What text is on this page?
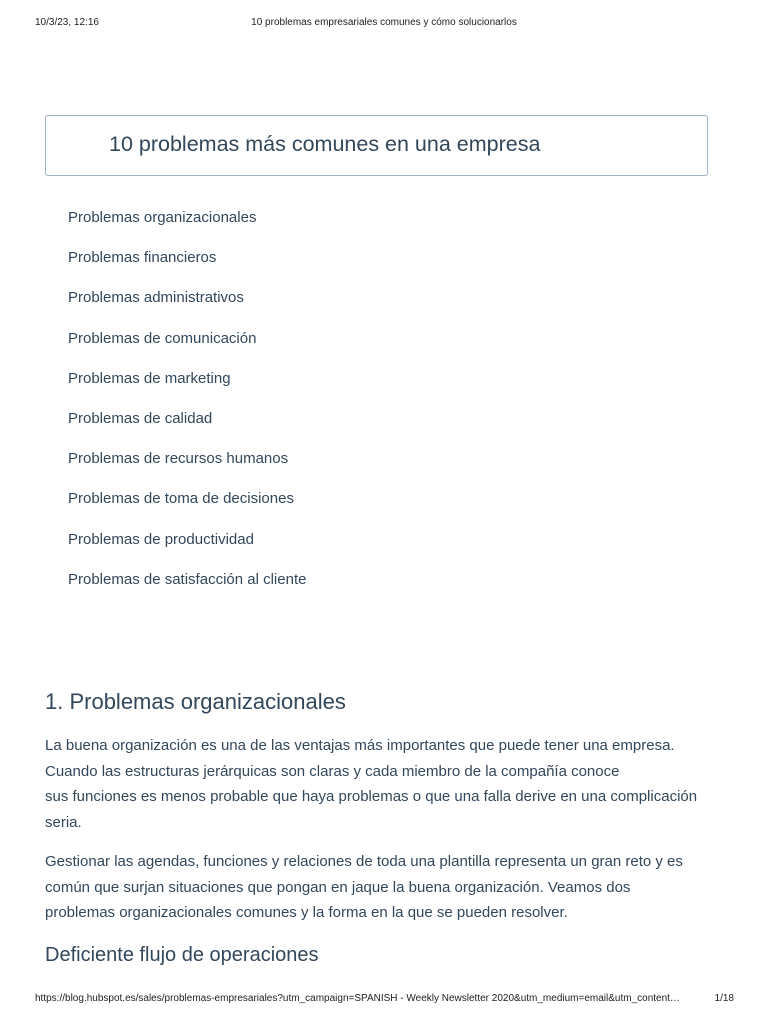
10/3/23, 12:16	10 problemas empresariales comunes y cómo solucionarlos
10 problemas más comunes en una empresa
Problemas organizacionales
Problemas financieros
Problemas administrativos
Problemas de comunicación
Problemas de marketing
Problemas de calidad
Problemas de recursos humanos
Problemas de toma de decisiones
Problemas de productividad
Problemas de satisfacción al cliente
1. Problemas organizacionales

La buena organización es una de las ventajas más importantes que puede tener una empresa.
Cuando las estructuras jerárquicas son claras y cada miembro de la compañía conoce
sus funciones es menos probable que haya problemas o que una falla derive en una complicación
seria.

Gestionar las agendas, funciones y relaciones de toda una plantilla representa un gran reto y es
común que surjan situaciones que pongan en jaque la buena organización. Veamos dos
problemas organizacionales comunes y la forma en la que se pueden resolver.

Deficiente flujo de operaciones
https://blog.hubspot.es/sales/problemas-empresariales?utm_campaign=SPANISH - Weekly Newsletter 2020&utm_medium=email&utm_content…	1/18
